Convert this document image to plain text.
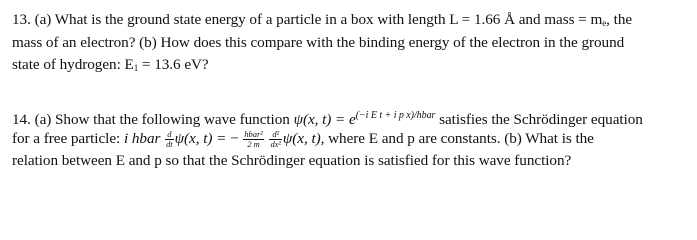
13. (a) What is the ground state energy of a particle in a box with length L = 1.66 Å and mass = $m_e$, the
mass of an electron? (b) How does this compare with the binding energy of the electron in the ground
state of hydrogen: $E_1 = 13.6$ eV?
14. (a) Show that the following wave function ψ(x, $t) = e^{(-i E t + i p x)/hbar}$ satisfies the Schrödinger equation
for a free particle: i hbar $\frac{d}{dt} \psi(x$, t) = − $\frac{\text{hbar²}}{2 m}$
$\frac{\text{d²}}{\text{dx²}} \psi(x$, t), where E and p are constants. (b) What is the
relation between E and p so that the Schrödinger equation is satisfied for this wave function?
